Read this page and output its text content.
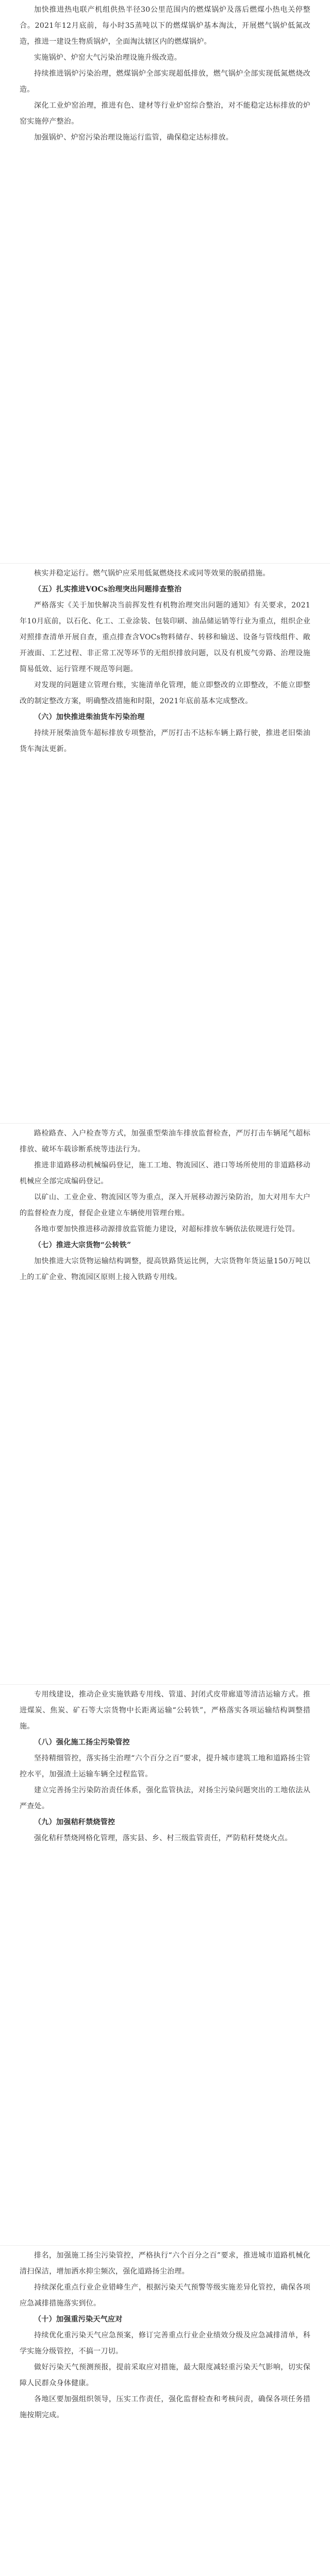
加快推进热电联产机组供热半径30公里范围内的燃煤锅炉及落后燃煤小热电关停整合。2021年12月底前，每小时35蒸吨以下的燃煤锅炉基本淘汰，开展燃气锅炉低氮改造，推进一建设生物质锅炉，全面淘汰辖区内的燃煤锅炉。

实施锅炉、炉窑大气污染治理设施升级改造。

持续推进锅炉污染治理，燃煤锅炉全部实现超低排放，燃气锅炉全部实现低氮燃烧改造。

深化工业炉窑治理，推进有色、建材等行业炉窑综合整治，对不能稳定达标排放的炉窑实施停产整治。

加强锅炉、炉窑污染治理设施运行监管，确保稳定达标排放。

核实并稳定运行。燃气锅炉应采用低氮燃烧技术或同等效果的脱硝措施。

（五）扎实推进VOCs治理突出问题排查整治

严格落实《关于加快解决当前挥发性有机物治理突出问题的通知》有关要求，2021年10月底前，以石化、化工、工业涂装、包装印刷、油品储运销等行业为重点，组织企业对照排查清单开展自查，重点排查含VOCs物料储存、转移和输送、设备与管线组件、敞开液面、工艺过程、非正常工况等环节的无组织排放问题，以及有机废气旁路、治理设施简易低效、运行管理不规范等问题。

对发现的问题建立管理台账，实施清单化管理，能立即整改的立即整改，不能立即整改的制定整改方案，明确整改措施和时限，2021年底前基本完成整改。

（六）加快推进柴油货车污染治理

持续开展柴油货车超标排放专项整治，严厉打击不达标车辆上路行驶，推进老旧柴油货车淘汰更新。

路检路查、入户检查等方式，加强重型柴油车排放监督检查，严厉打击车辆尾气超标排放、破坏车载诊断系统等违法行为。

推进非道路移动机械编码登记，施工工地、物流园区、港口等场所使用的非道路移动机械应全部完成编码登记。

以矿山、工业企业、物流园区等为重点，深入开展移动源污染防治，加大对用车大户的监督检查力度，督促企业建立车辆使用管理台账。

各地市要加快推进移动源排放监管能力建设，对超标排放车辆依法依规进行处罚。

（七）推进大宗货物“公转铁”

加快推进大宗货物运输结构调整，提高铁路货运比例，大宗货物年货运量150万吨以上的工矿企业、物流园区原则上接入铁路专用线。

专用线建设，推动企业实施铁路专用线、管道、封闭式皮带廊道等清洁运输方式。推进煤炭、焦炭、矿石等大宗货物中长距离运输“公转铁”，严格落实各项运输结构调整措施。

（八）强化施工扬尘污染管控

坚持精细管控，落实扬尘治理“六个百分之百”要求，提升城市建筑工地和道路扬尘管控水平，加强渣土运输车辆全过程监管。

建立完善扬尘污染防治责任体系，强化监管执法，对扬尘污染问题突出的工地依法从严查处。

（九）加强秸秆禁烧管控

强化秸秆禁烧网格化管理，落实县、乡、村三级监管责任，严防秸秆焚烧火点。

排名，加强施工扬尘污染管控，严格执行“六个百分之百”要求，推进城市道路机械化清扫保洁，增加洒水抑尘频次，强化道路扬尘治理。

持续深化重点行业企业错峰生产，根据污染天气预警等级实施差异化管控，确保各项应急减排措施落实到位。

（十）加强重污染天气应对

持续优化重污染天气应急预案，修订完善重点行业企业绩效分级及应急减排清单，科学实施分级管控，不搞一刀切。

做好污染天气预测预报，提前采取应对措施，最大限度减轻重污染天气影响，切实保障人民群众身体健康。

各地区要加强组织领导，压实工作责任，强化监督检查和考核问责，确保各项任务措施按期完成。
